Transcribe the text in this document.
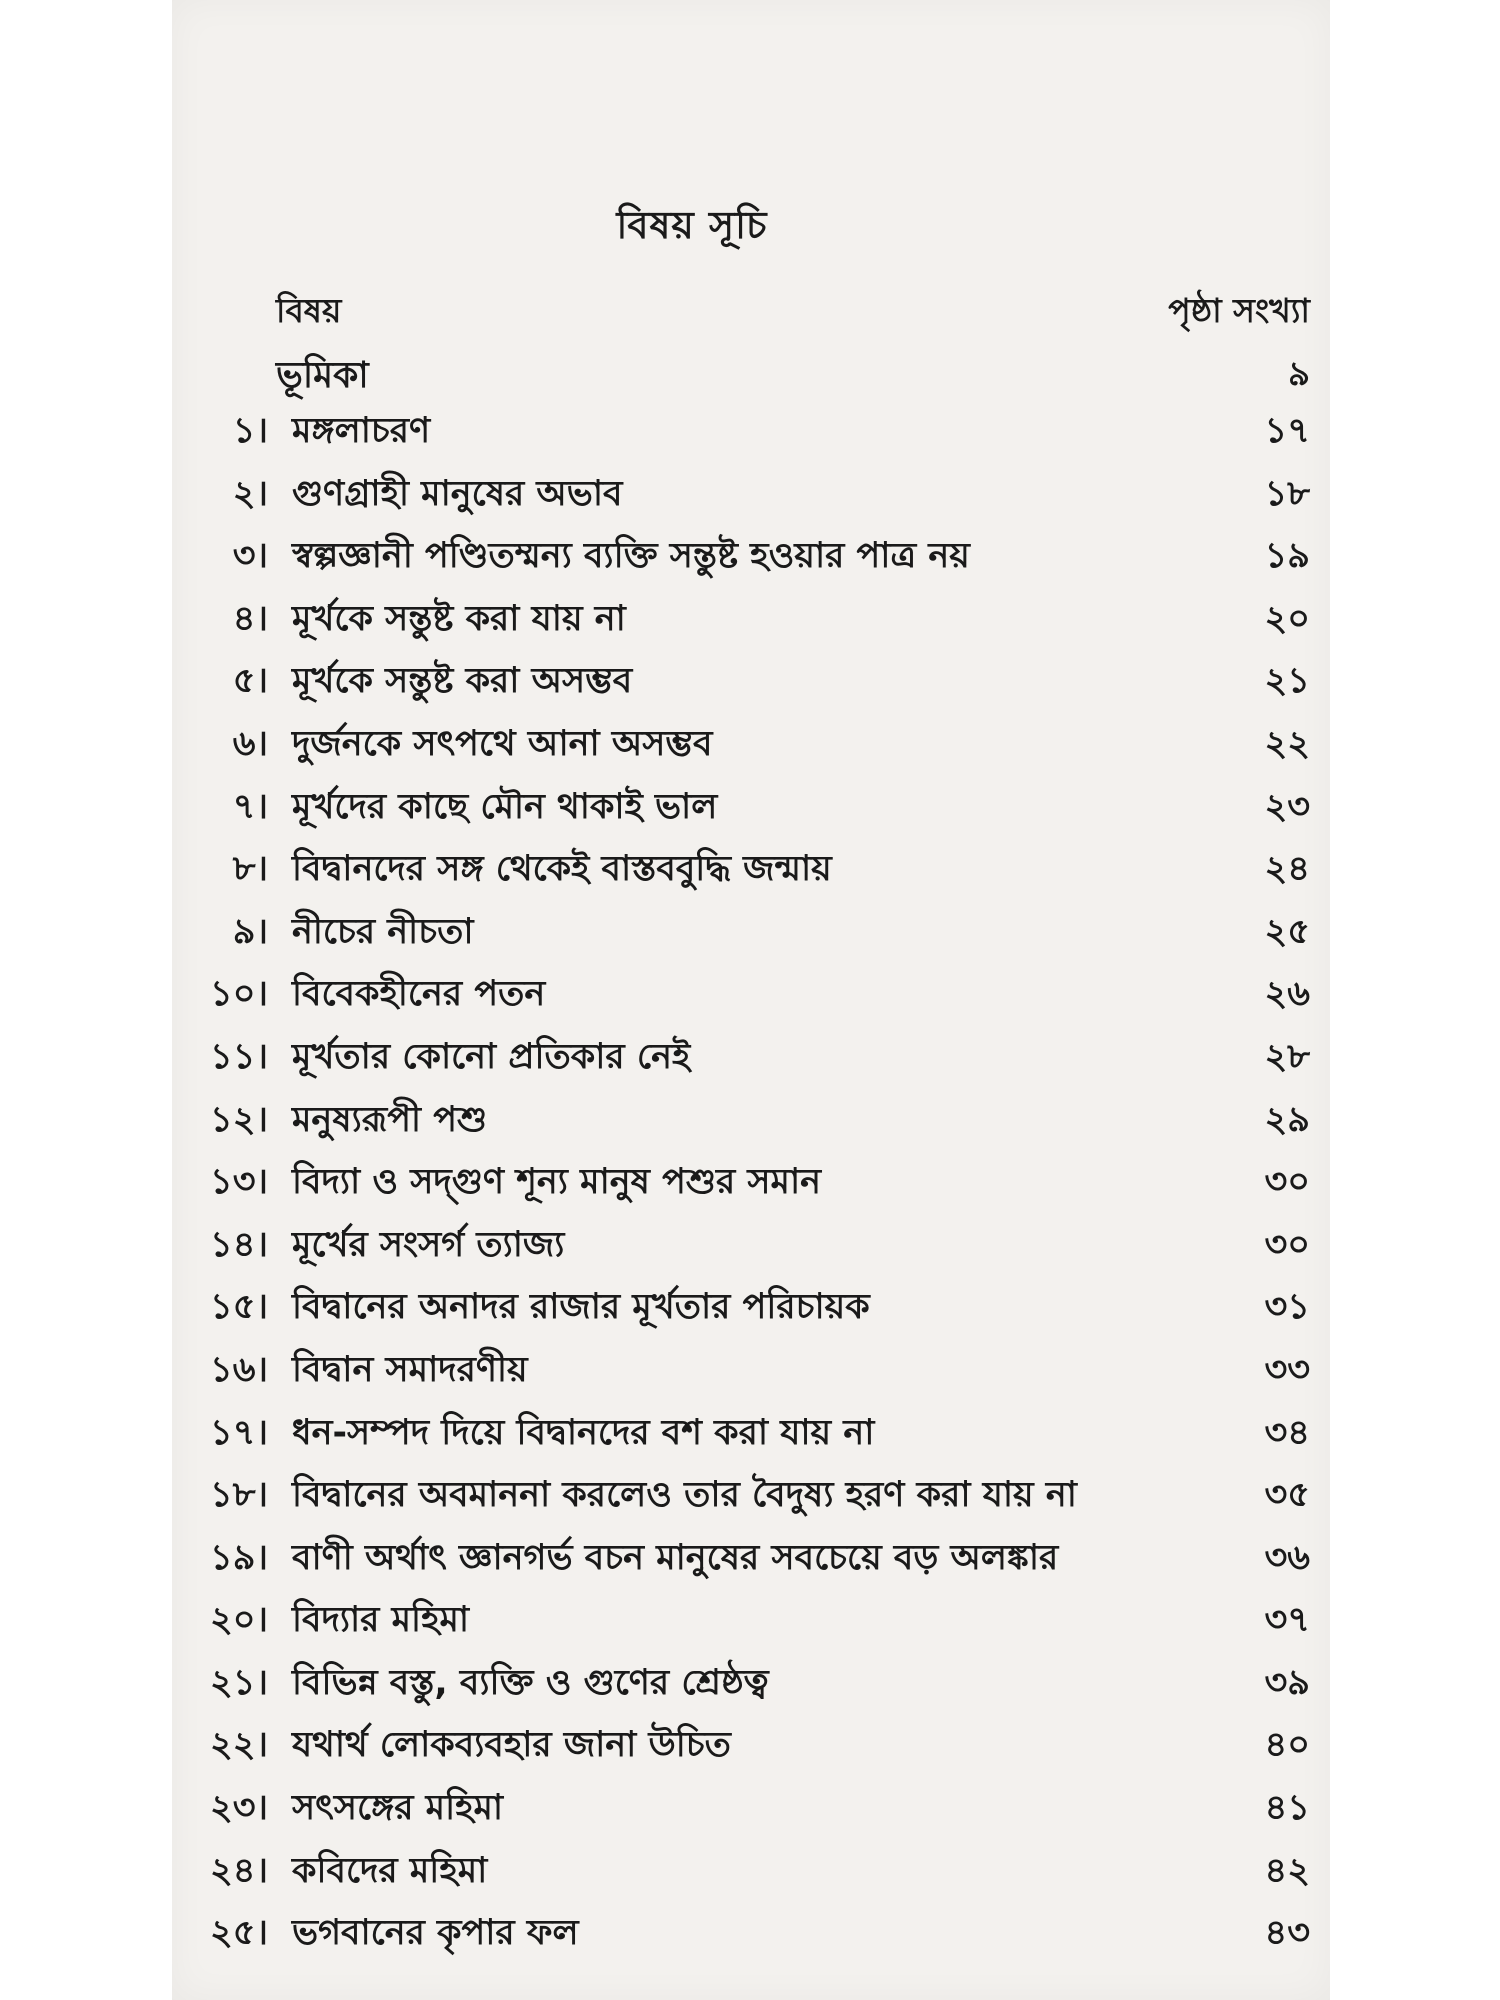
বিষয় সূচি
বিষয়	পৃষ্ঠা সংখ্যা
ভূমিকা	৯
১। মঙ্গলাচরণ	১৭
২। গুণগ্রাহী মানুষের অভাব	১৮
৩। স্বল্পজ্ঞানী পণ্ডিতম্মন্য ব্যক্তি সন্তুষ্ট হওয়ার পাত্র নয়	১৯
৪। মূর্খকে সন্তুষ্ট করা যায় না	২০
৫। মূর্খকে সন্তুষ্ট করা অসম্ভব	২১
৬। দুর্জনকে সৎপথে আনা অসম্ভব	২২
৭। মূর্খদের কাছে মৌন থাকাই ভাল	২৩
৮। বিদ্বানদের সঙ্গ থেকেই বাস্তববুদ্ধি জন্মায়	২৪
৯। নীচের নীচতা	২৫
১০। বিবেকহীনের পতন	২৬
১১। মূর্খতার কোনো প্রতিকার নেই	২৮
১২। মনুষ্যরূপী পশু	২৯
১৩। বিদ্যা ও সদ্‌গুণ শূন্য মানুষ পশুর সমান	৩০
১৪। মূর্খের সংসর্গ ত্যাজ্য	৩০
১৫। বিদ্বানের অনাদর রাজার মূর্খতার পরিচায়ক	৩১
১৬। বিদ্বান সমাদরণীয়	৩৩
১৭। ধন-সম্পদ দিয়ে বিদ্বানদের বশ করা যায় না	৩৪
১৮। বিদ্বানের অবমাননা করলেও তার বৈদুষ্য হরণ করা যায় না	৩৫
১৯। বাণী অর্থাৎ জ্ঞানগর্ভ বচন মানুষের সবচেয়ে বড় অলঙ্কার	৩৬
২০। বিদ্যার মহিমা	৩৭
২১। বিভিন্ন বস্তু, ব্যক্তি ও গুণের শ্রেষ্ঠত্ব	৩৯
২২। যথার্থ লোকব্যবহার জানা উচিত	৪০
২৩। সৎসঙ্গের মহিমা	৪১
২৪। কবিদের মহিমা	৪২
২৫। ভগবানের কৃপার ফল	৪৩
